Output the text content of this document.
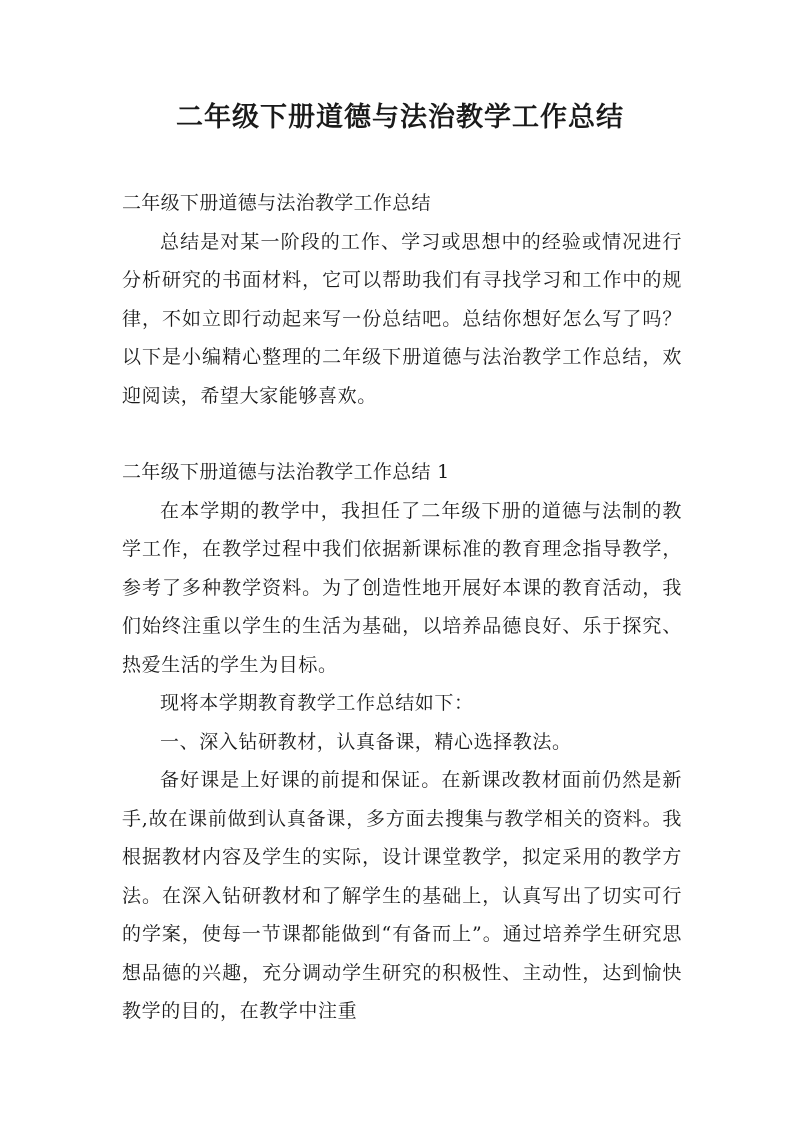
二年级下册道德与法治教学工作总结

二年级下册道德与法治教学工作总结

总结是对某一阶段的工作、学习或思想中的经验或情况进行分析研究的书面材料，它可以帮助我们有寻找学习和工作中的规律，不如立即行动起来写一份总结吧。总结你想好怎么写了吗？以下是小编精心整理的二年级下册道德与法治教学工作总结，欢迎阅读，希望大家能够喜欢。

二年级下册道德与法治教学工作总结 1

在本学期的教学中，我担任了二年级下册的道德与法制的教学工作，在教学过程中我们依据新课标准的教育理念指导教学，参考了多种教学资料。为了创造性地开展好本课的教育活动，我们始终注重以学生的生活为基础，以培养品德良好、乐于探究、热爱生活的学生为目标。

现将本学期教育教学工作总结如下：

一、深入钻研教材，认真备课，精心选择教法。

备好课是上好课的前提和保证。在新课改教材面前仍然是新手,故在课前做到认真备课，多方面去搜集与教学相关的资料。我根据教材内容及学生的实际，设计课堂教学，拟定采用的教学方法。在深入钻研教材和了解学生的基础上，认真写出了切实可行的学案，使每一节课都能做到“有备而上”。通过培养学生研究思想品德的兴趣，充分调动学生研究的积极性、主动性，达到愉快教学的目的，在教学中注重
